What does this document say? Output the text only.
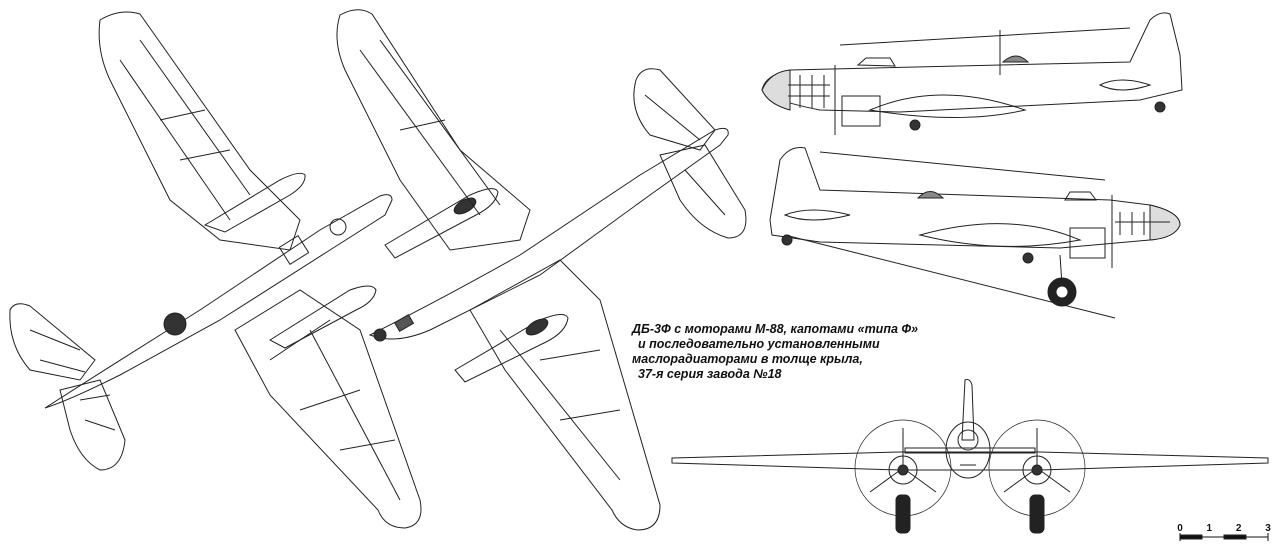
0 1 2 3
ДБ-3Ф с моторами М-88, капотами «типа Ф»
и последовательно установленными
маслорадиаторами в толще крыла,
37-я серия завода №18
